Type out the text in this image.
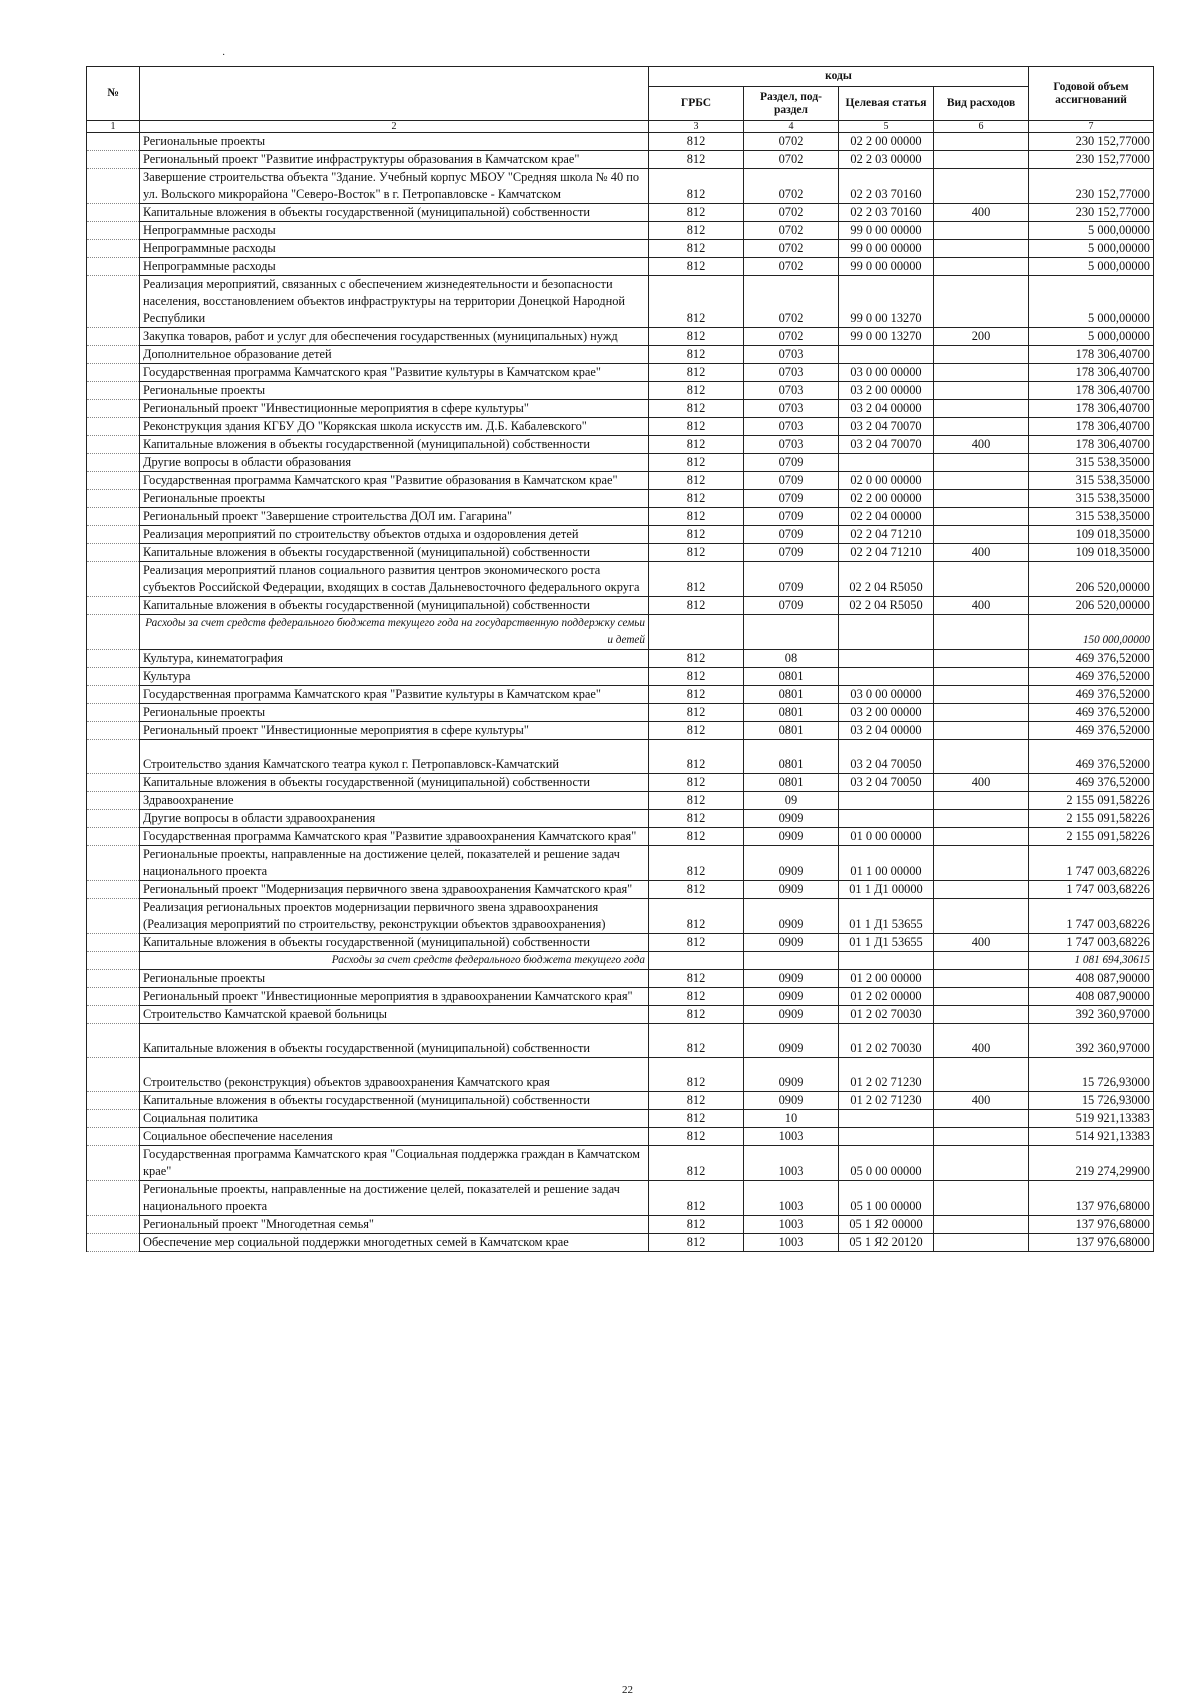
·
№		коды				Годовой объем ассигнований
		ГРБС	Раздел, под-раздел	Целевая статья	Вид расходов	
1	2	3	4	5	6	7
	Региональные проекты	812	0702	02 2 00 00000		230 152,77000
	Региональный проект "Развитие инфраструктуры образования в Камчатском крае"	812	0702	02 2 03 00000		230 152,77000
	Завершение строительства объекта "Здание. Учебный корпус МБОУ "Средняя школа № 40 по ул. Вольского микрорайона "Северо-Восток" в г. Петропавловске - Камчатском	812	0702	02 2 03 70160		230 152,77000
	Капитальные вложения в объекты государственной (муниципальной) собственности	812	0702	02 2 03 70160	400	230 152,77000
	Непрограммные расходы	812	0702	99 0 00 00000		5 000,00000
	Непрограммные расходы	812	0702	99 0 00 00000		5 000,00000
	Непрограммные расходы	812	0702	99 0 00 00000		5 000,00000
	Реализация мероприятий, связанных с обеспечением жизнедеятельности и безопасности населения, восстановлением объектов инфраструктуры на территории Донецкой Народной Республики	812	0702	99 0 00 13270		5 000,00000
	Закупка товаров, работ и услуг для обеспечения государственных (муниципальных) нужд	812	0702	99 0 00 13270	200	5 000,00000
	Дополнительное образование детей	812	0703			178 306,40700
	Государственная программа Камчатского края "Развитие культуры в Камчатском крае"	812	0703	03 0 00 00000		178 306,40700
	Региональные проекты	812	0703	03 2 00 00000		178 306,40700
	Региональный проект "Инвестиционные мероприятия в сфере культуры"	812	0703	03 2 04 00000		178 306,40700
	Реконструкция здания КГБУ ДО "Корякская школа искусств им. Д.Б. Кабалевского"	812	0703	03 2 04 70070		178 306,40700
	Капитальные вложения в объекты государственной (муниципальной) собственности	812	0703	03 2 04 70070	400	178 306,40700
	Другие вопросы в области образования	812	0709			315 538,35000
	Государственная программа Камчатского края "Развитие образования в Камчатском крае"	812	0709	02 0 00 00000		315 538,35000
	Региональные проекты	812	0709	02 2 00 00000		315 538,35000
	Региональный проект "Завершение строительства ДОЛ им. Гагарина"	812	0709	02 2 04 00000		315 538,35000
	Реализация мероприятий по строительству объектов отдыха и оздоровления детей	812	0709	02 2 04 71210		109 018,35000
	Капитальные вложения в объекты государственной (муниципальной) собственности	812	0709	02 2 04 71210	400	109 018,35000
	Реализация мероприятий планов социального развития центров экономического роста субъектов Российской Федерации, входящих в состав Дальневосточного федерального округа	812	0709	02 2 04 R5050		206 520,00000
	Капитальные вложения в объекты государственной (муниципальной) собственности	812	0709	02 2 04 R5050	400	206 520,00000
	Расходы за счет средств федерального бюджета текущего года на государственную поддержку семьи и детей					150 000,00000
	Культура, кинематография	812	08			469 376,52000
	Культура	812	0801			469 376,52000
	Государственная программа Камчатского края "Развитие культуры в Камчатском крае"	812	0801	03 0 00 00000		469 376,52000
	Региональные проекты	812	0801	03 2 00 00000		469 376,52000
	Региональный проект "Инвестиционные мероприятия в сфере культуры"	812	0801	03 2 04 00000		469 376,52000
	Строительство здания Камчатского театра кукол г. Петропавловск-Камчатский	812	0801	03 2 04 70050		469 376,52000
	Капитальные вложения в объекты государственной (муниципальной) собственности	812	0801	03 2 04 70050	400	469 376,52000
	Здравоохранение	812	09			2 155 091,58226
	Другие вопросы в области здравоохранения	812	0909			2 155 091,58226
	Государственная программа Камчатского края "Развитие здравоохранения Камчатского края"	812	0909	01 0 00 00000		2 155 091,58226
	Региональные проекты, направленные на достижение целей, показателей и решение задач национального проекта	812	0909	01 1 00 00000		1 747 003,68226
	Региональный проект "Модернизация первичного звена здравоохранения Камчатского края"	812	0909	01 1 Д1 00000		1 747 003,68226
	Реализация региональных проектов модернизации первичного звена здравоохранения (Реализация мероприятий по строительству, реконструкции объектов здравоохранения)	812	0909	01 1 Д1 53655		1 747 003,68226
	Капитальные вложения в объекты государственной (муниципальной) собственности	812	0909	01 1 Д1 53655	400	1 747 003,68226
	Расходы за счет средств федерального бюджета текущего года					1 081 694,30615
	Региональные проекты	812	0909	01 2 00 00000		408 087,90000
	Региональный проект "Инвестиционные мероприятия в здравоохранении Камчатского края"	812	0909	01 2 02 00000		408 087,90000
	Строительство Камчатской краевой больницы	812	0909	01 2 02 70030		392 360,97000
	Капитальные вложения в объекты государственной (муниципальной) собственности	812	0909	01 2 02 70030	400	392 360,97000
	Строительство (реконструкция) объектов здравоохранения Камчатского края	812	0909	01 2 02 71230		15 726,93000
	Капитальные вложения в объекты государственной (муниципальной) собственности	812	0909	01 2 02 71230	400	15 726,93000
	Социальная политика	812	10			519 921,13383
	Социальное обеспечение населения	812	1003			514 921,13383
	Государственная программа Камчатского края "Социальная поддержка граждан в Камчатском крае"	812	1003	05 0 00 00000		219 274,29900
	Региональные проекты, направленные на достижение целей, показателей и решение задач национального проекта	812	1003	05 1 00 00000		137 976,68000
	Региональный проект "Многодетная семья"	812	1003	05 1 Я2 00000		137 976,68000
	Обеспечение мер социальной поддержки многодетных семей в Камчатском крае	812	1003	05 1 Я2 20120		137 976,68000
22
